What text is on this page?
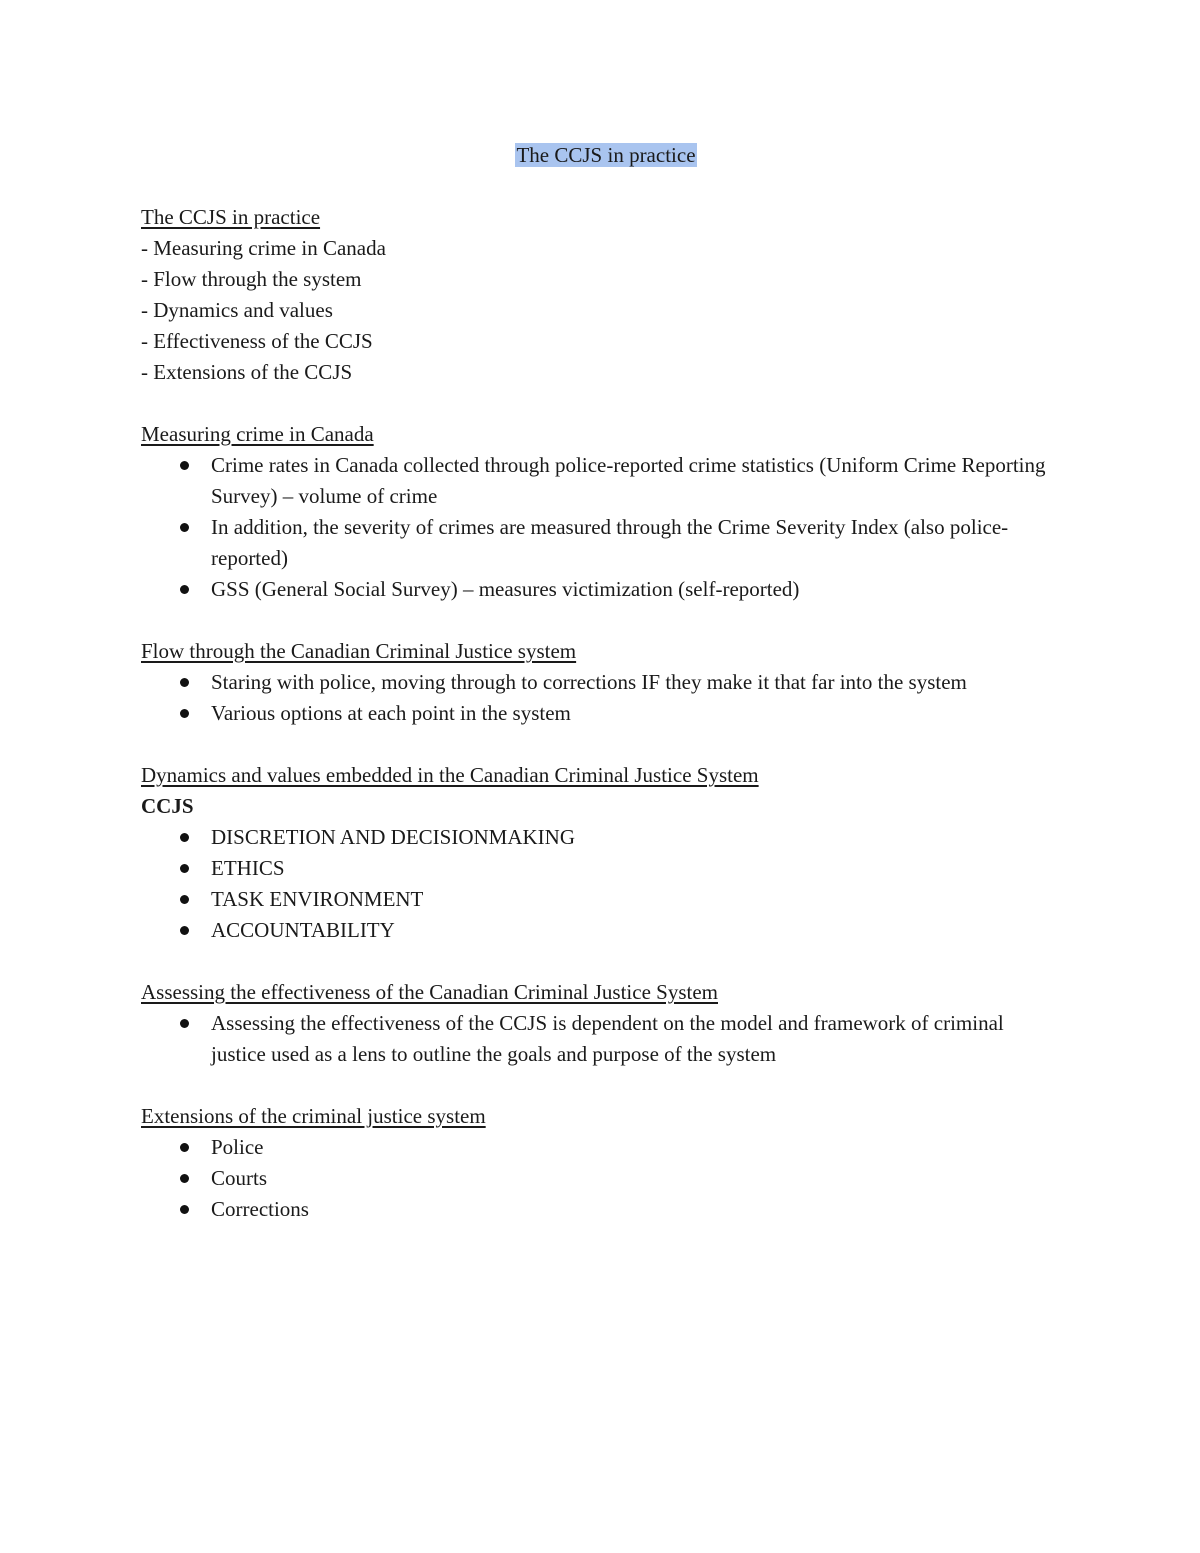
The CCJS in practice
The CCJS in practice
- Measuring crime in Canada
- Flow through the system
- Dynamics and values
- Effectiveness of the CCJS
- Extensions of the CCJS
Measuring crime in Canada
Crime rates in Canada collected through police-reported crime statistics (Uniform Crime Reporting Survey) – volume of crime
In addition, the severity of crimes are measured through the Crime Severity Index (also police-reported)
GSS (General Social Survey) – measures victimization (self-reported)
Flow through the Canadian Criminal Justice system
Staring with police, moving through to corrections IF they make it that far into the system
Various options at each point in the system
Dynamics and values embedded in the Canadian Criminal Justice System
CCJS
DISCRETION AND DECISIONMAKING
ETHICS
TASK ENVIRONMENT
ACCOUNTABILITY
Assessing the effectiveness of the Canadian Criminal Justice System
Assessing the effectiveness of the CCJS is dependent on the model and framework of criminal justice used as a lens to outline the goals and purpose of the system
Extensions of the criminal justice system
Police
Courts
Corrections
